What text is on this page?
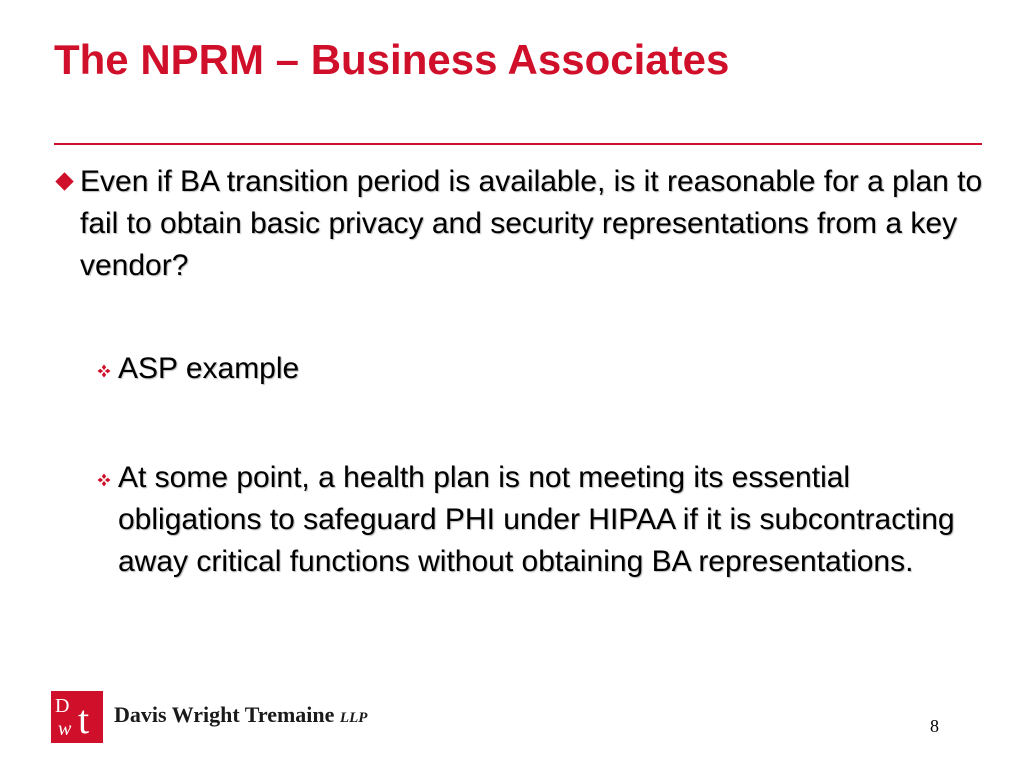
The NPRM – Business Associates
Even if BA transition period is available, is it reasonable for a plan to fail to obtain basic privacy and security representations from a key vendor?
ASP example
At some point, a health plan is not meeting its essential obligations to safeguard PHI under HIPAA if it is subcontracting away critical functions without obtaining BA representations.
D
w t Davis Wright Tremaine LLP	8
